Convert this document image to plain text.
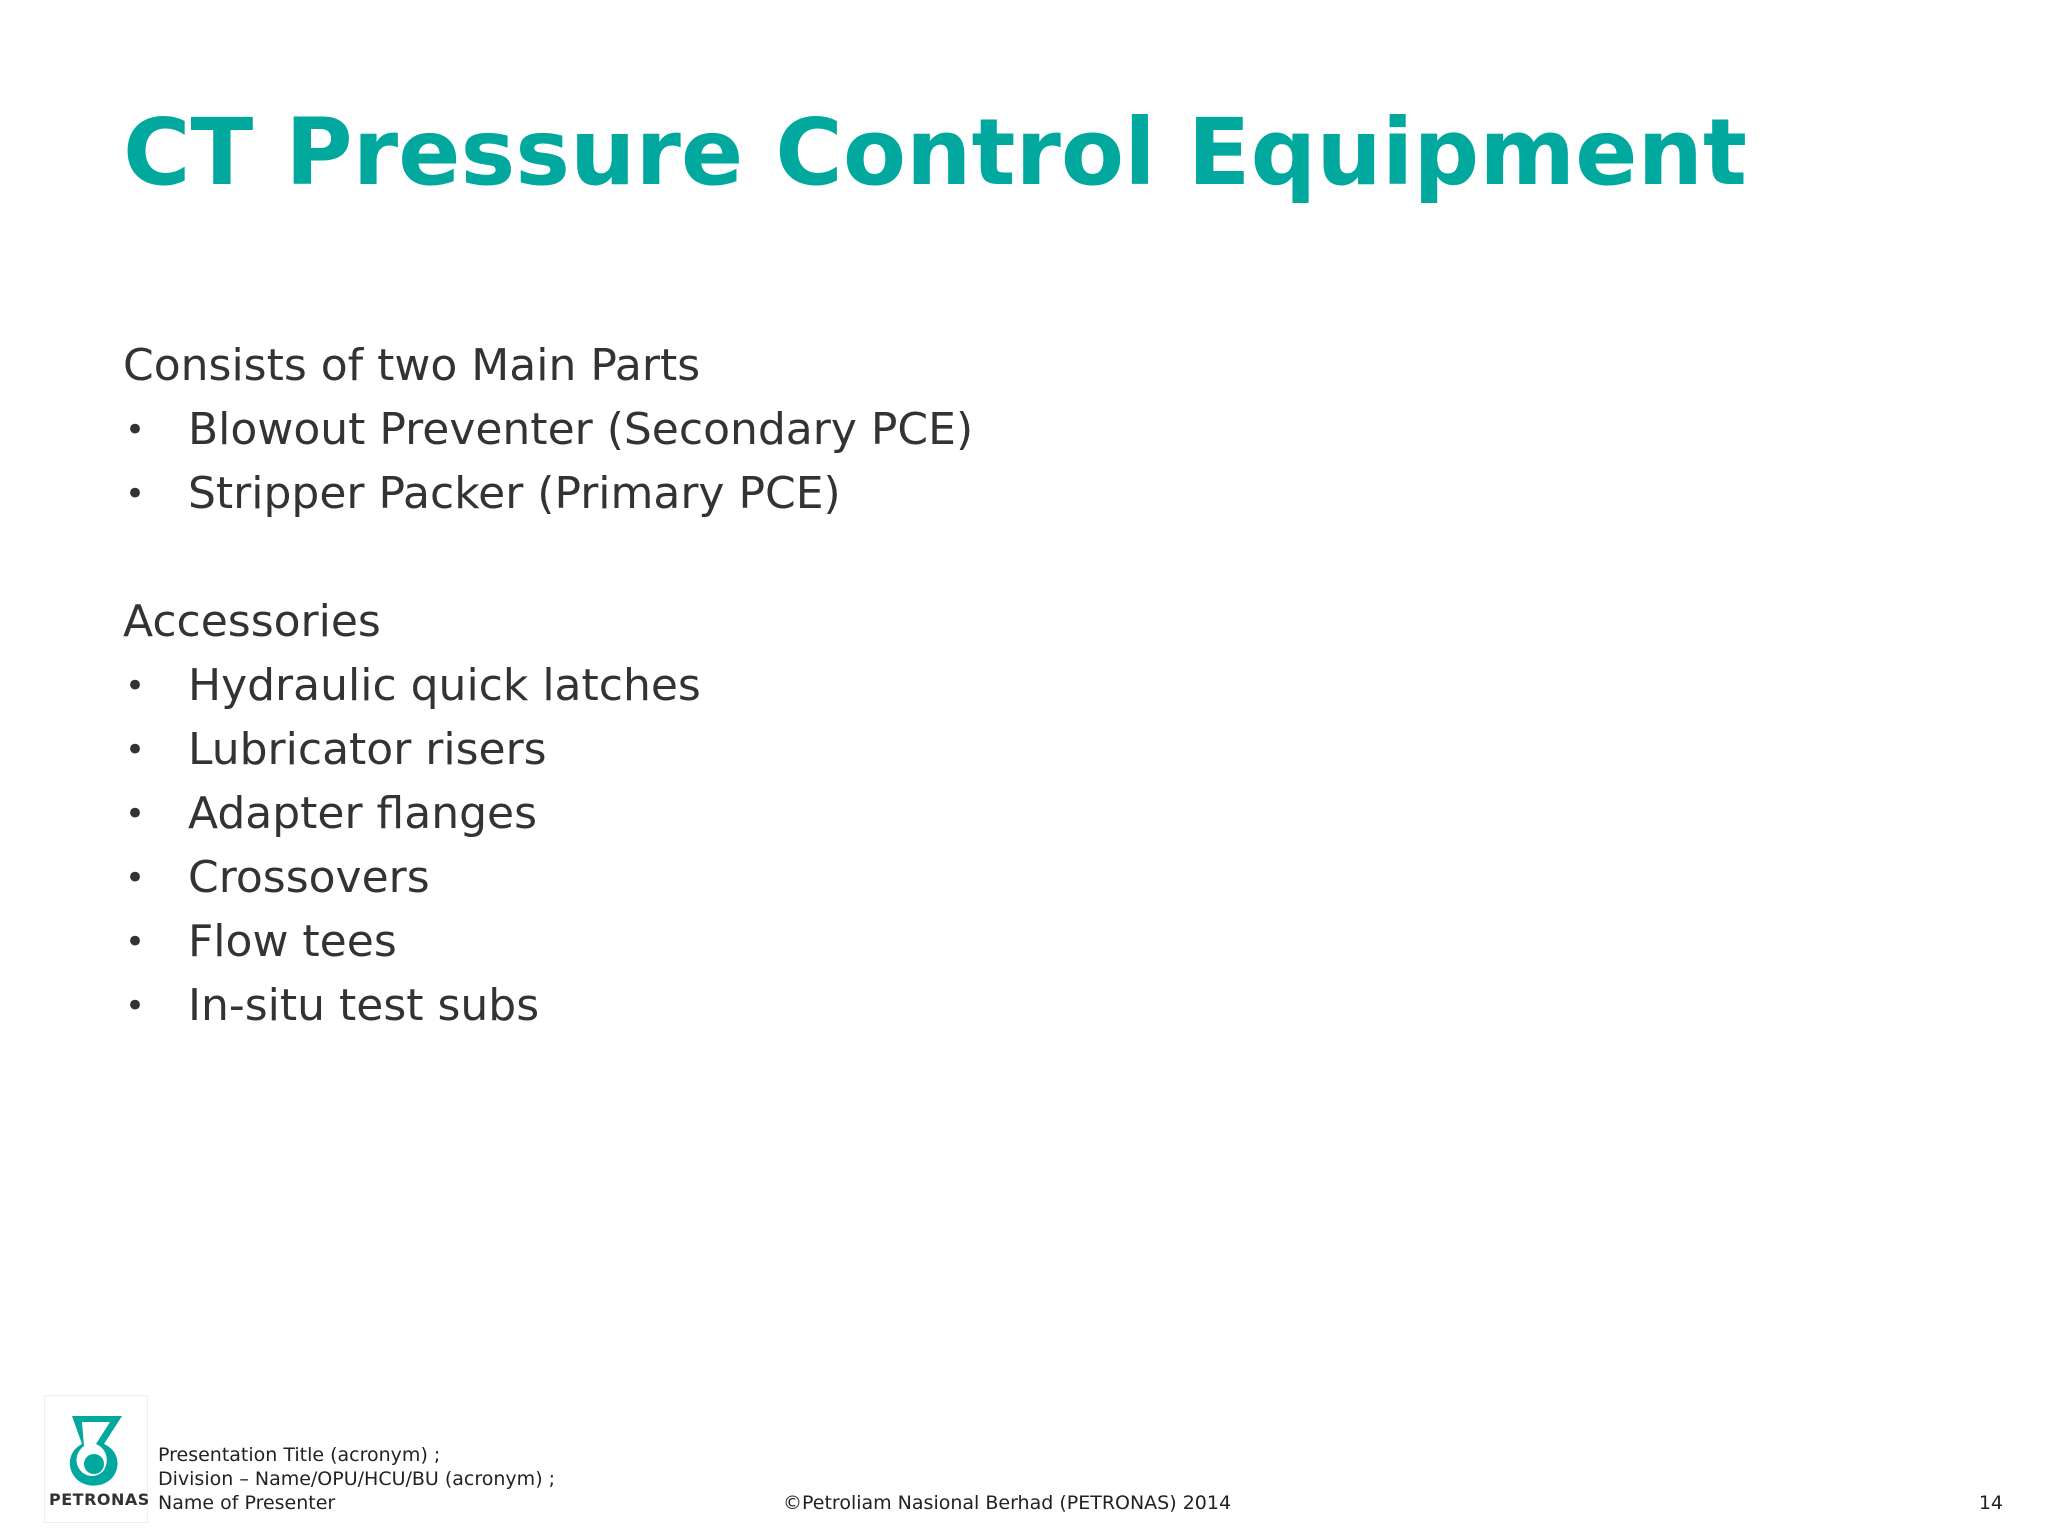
CT Pressure Control Equipment

Consists of two Main Parts

• Blowout Preventer (Secondary PCE)
• Stripper Packer (Primary PCE)

Accessories

• Hydraulic quick latches
• Lubricator risers
• Adapter flanges
• Crossovers
• Flow tees
• In-situ test subs
PETRONAS
Presentation Title (acronym) ;
Division – Name/OPU/HCU/BU (acronym) ;
Name of Presenter	©Petroliam Nasional Berhad (PETRONAS) 2014	14
